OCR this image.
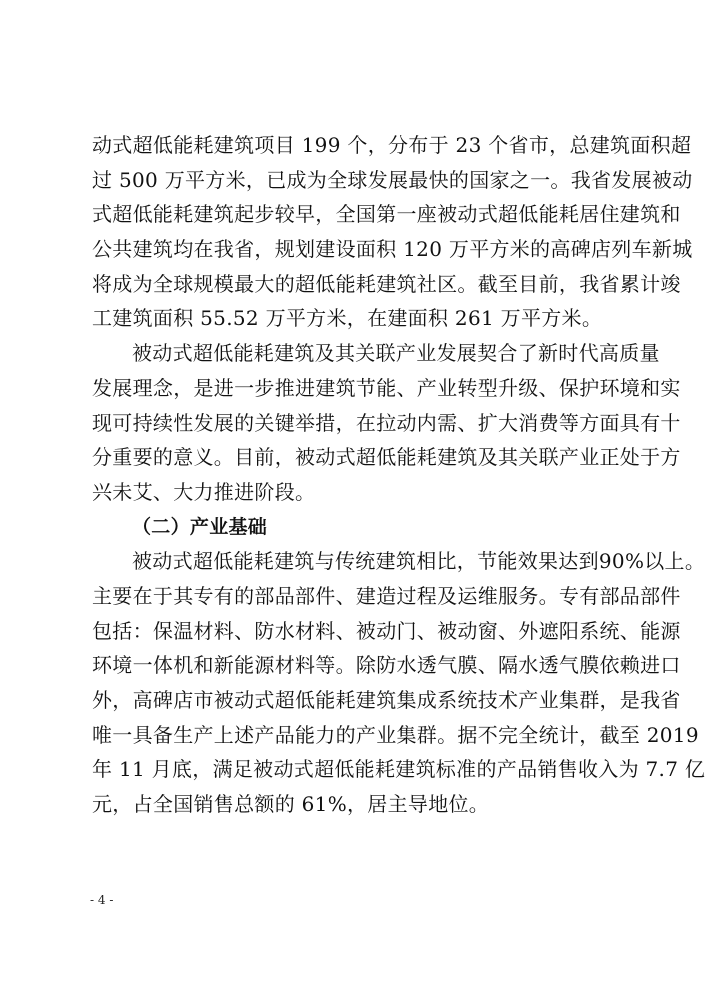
动式超低能耗建筑项目 199 个，分布于 23 个省市，总建筑面积超
过 500 万平方米，已成为全球发展最快的国家之一。我省发展被动
式超低能耗建筑起步较早，全国第一座被动式超低能耗居住建筑和
公共建筑均在我省，规划建设面积 120 万平方米的高碑店列车新城
将成为全球规模最大的超低能耗建筑社区。截至目前，我省累计竣
工建筑面积 55.52 万平方米，在建面积 261 万平方米。
被动式超低能耗建筑及其关联产业发展契合了新时代高质量
发展理念，是进一步推进建筑节能、产业转型升级、保护环境和实
现可持续性发展的关键举措，在拉动内需、扩大消费等方面具有十
分重要的意义。目前，被动式超低能耗建筑及其关联产业正处于方
兴未艾、大力推进阶段。
（二）产业基础
被动式超低能耗建筑与传统建筑相比，节能效果达到90%以上。
主要在于其专有的部品部件、建造过程及运维服务。专有部品部件
包括：保温材料、防水材料、被动门、被动窗、外遮阳系统、能源
环境一体机和新能源材料等。除防水透气膜、隔水透气膜依赖进口
外，高碑店市被动式超低能耗建筑集成系统技术产业集群，是我省
唯一具备生产上述产品能力的产业集群。据不完全统计，截至 2019
年 11 月底，满足被动式超低能耗建筑标准的产品销售收入为 7.7 亿
元，占全国销售总额的 61%，居主导地位。
- 4 -
